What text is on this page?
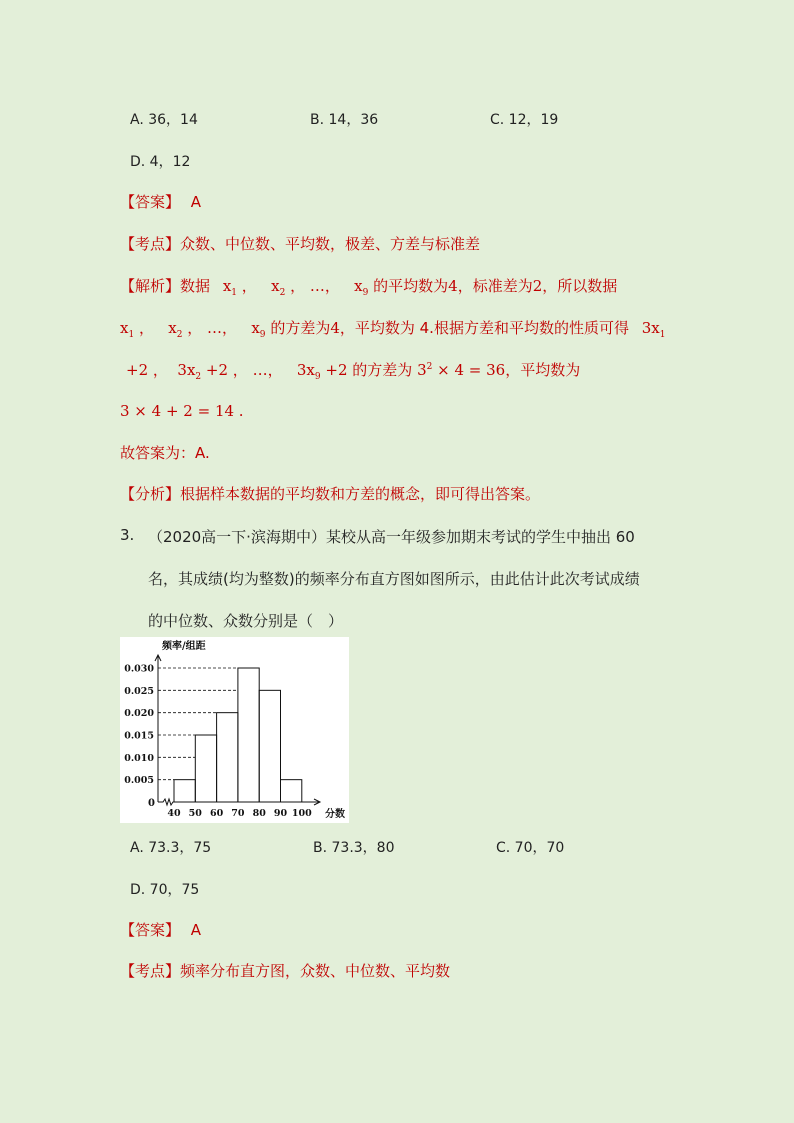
A. 36，14	B. 14，36	C. 12，19
D. 4，12
【答案】 A
【考点】众数、中位数、平均数，极差、方差与标准差
【解析】数据 $x_1$ ，   $x_2$ ， …，   $x_9$ 的平均数为4，标准差为2，所以数据
$x_1$ ，   $x_2$ ， …，   $x_9$ 的方差为4，平均数为 4.根据方差和平均数的性质可得 $3x_1$
+2 ，  $3x_2 +2$ ， …，   $3x_9 +2$ 的方差为 $3^2 \times 4 = 36$，平均数为
3 × 4 + 2 = 14 .
故答案为：A.
【分析】根据样本数据的平均数和方差的概念，即可得出答案。
3. （2020高一下·滨海期中）某校从高一年级参加期末考试的学生中抽出 60
名，其成绩(均为整数)的频率分布直方图如图所示，由此估计此次考试成绩
的中位数、众数分别是（　）
频率/组距
分数
0
0.005
0.010
0.015
0.020
0.025
0.030
40 50 60 70 80 90 100
A. 73.3，75	B. 73.3，80	C. 70，70
D. 70，75
【答案】 A
【考点】频率分布直方图，众数、中位数、平均数
